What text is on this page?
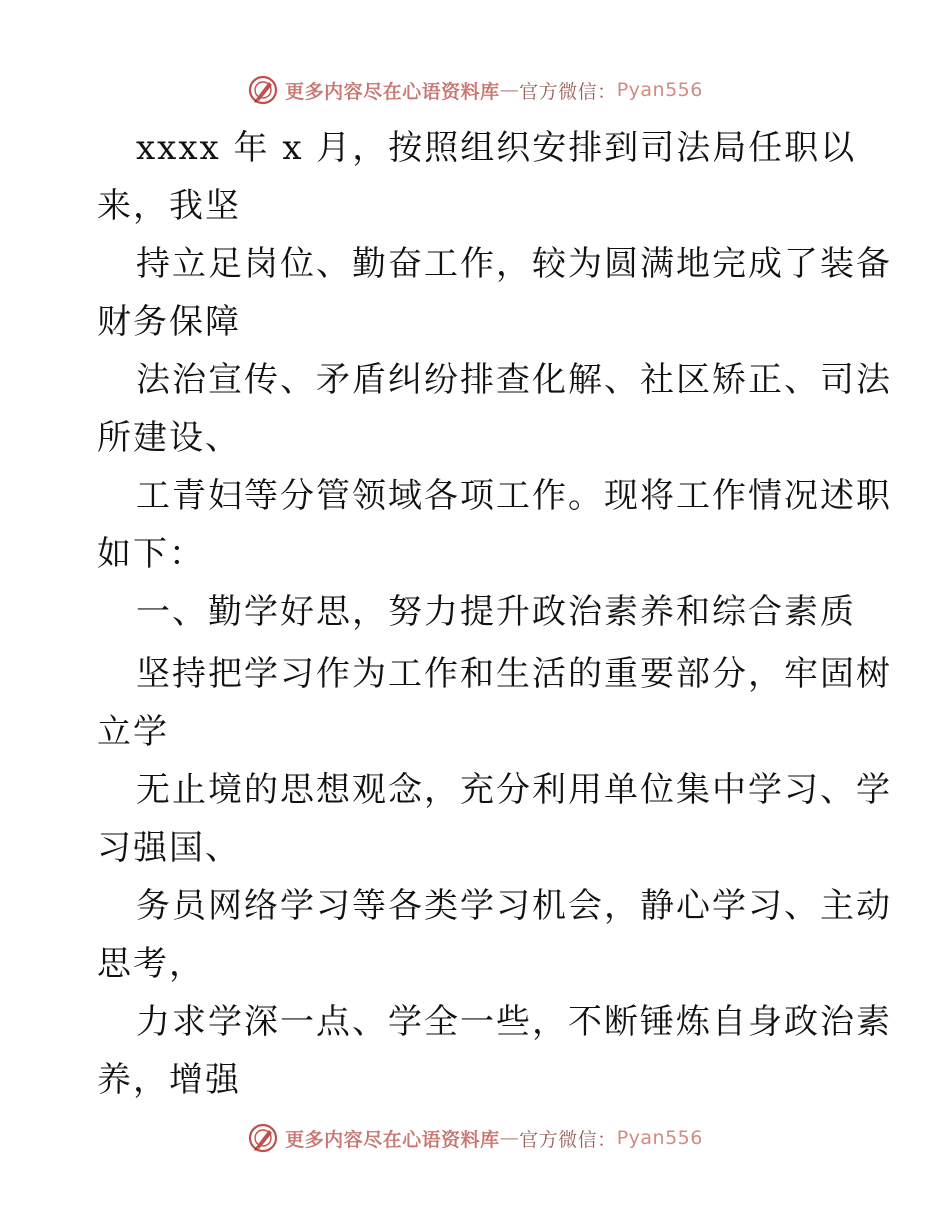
更多内容尽在心语资料库 — 官方微信： Pyan556
xxxx 年 x 月，按照组织安排到司法局任职以
来，我坚
持立足岗位、勤奋工作，较为圆满地完成了装备
财务保障
法治宣传、矛盾纠纷排查化解、社区矫正、司法
所建设、
工青妇等分管领域各项工作。现将工作情况述职
如下：
一、勤学好思，努力提升政治素养和综合素质
坚持把学习作为工作和生活的重要部分，牢固树
立学
无止境的思想观念，充分利用单位集中学习、学
习强国、
务员网络学习等各类学习机会，静心学习、主动
思考，
力求学深一点、学全一些，不断锤炼自身政治素
养，增强
更多内容尽在心语资料库 — 官方微信： Pyan556
